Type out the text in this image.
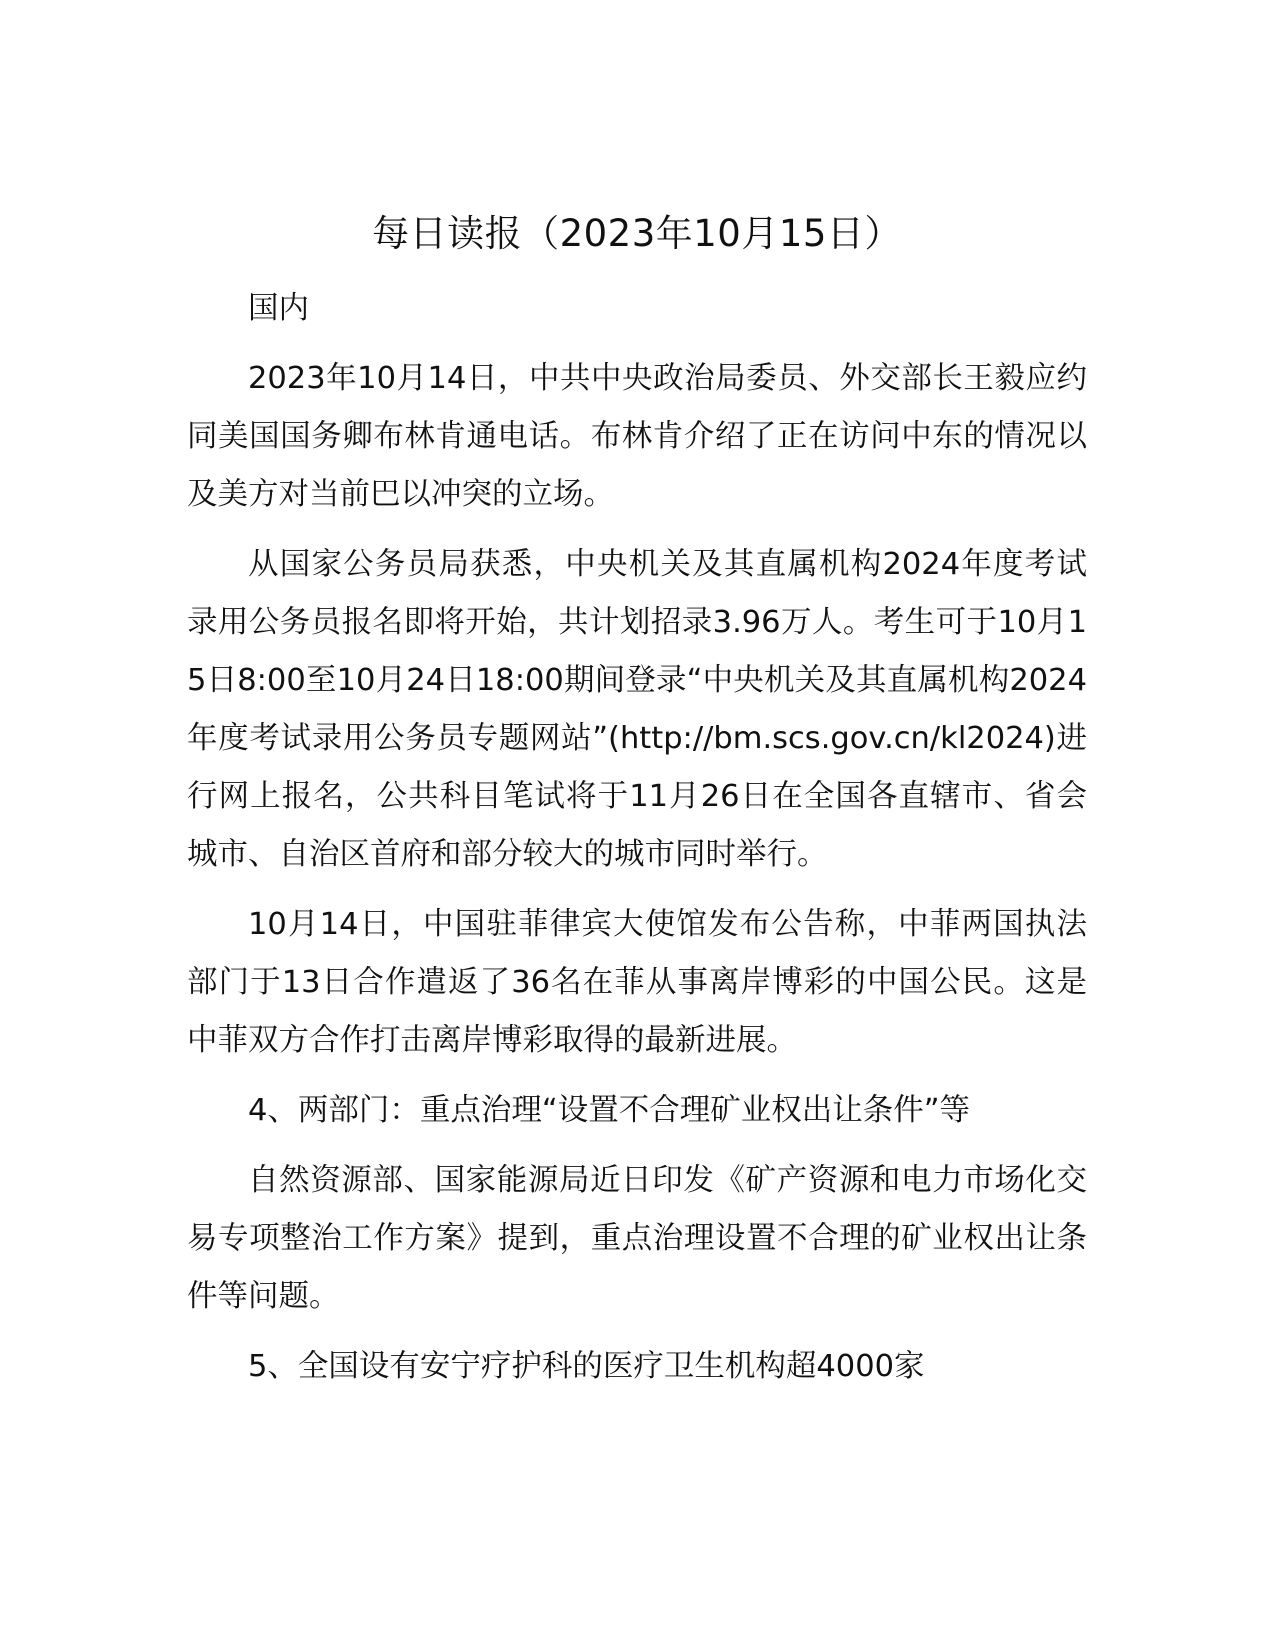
每日读报（2023年10月15日）

国内

2023年10月14日，中共中央政治局委员、外交部长王毅应约同美国国务卿布林肯通电话。布林肯介绍了正在访问中东的情况以及美方对当前巴以冲突的立场。

从国家公务员局获悉，中央机关及其直属机构2024年度考试录用公务员报名即将开始，共计划招录3.96万人。考生可于10月15日8:00至10月24日18:00期间登录“中央机关及其直属机构2024年度考试录用公务员专题网站”(http://bm.scs.gov.cn/kl2024)进行网上报名，公共科目笔试将于11月26日在全国各直辖市、省会城市、自治区首府和部分较大的城市同时举行。

10月14日，中国驻菲律宾大使馆发布公告称，中菲两国执法部门于13日合作遣返了36名在菲从事离岸博彩的中国公民。这是中菲双方合作打击离岸博彩取得的最新进展。

4、两部门：重点治理“设置不合理矿业权出让条件”等

自然资源部、国家能源局近日印发《矿产资源和电力市场化交易专项整治工作方案》提到，重点治理设置不合理的矿业权出让条件等问题。

5、全国设有安宁疗护科的医疗卫生机构超4000家
